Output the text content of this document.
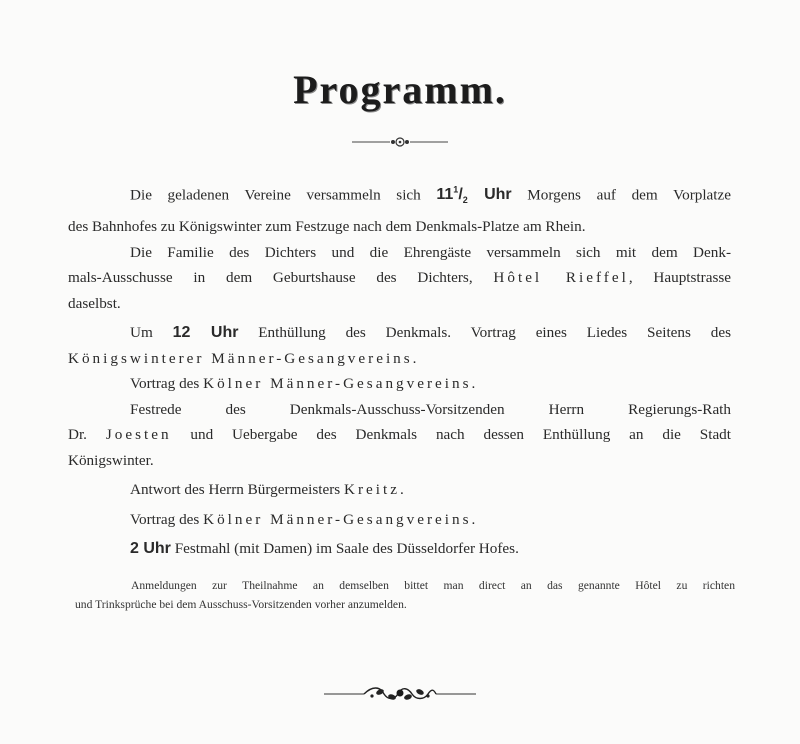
Programm.
Die geladenen Vereine versammeln sich $11^1/_2$ Uhr Morgens auf dem Vorplatze
des Bahnhofes zu Königswinter zum Festzuge nach dem Denkmals-Platze am Rhein.
Die Familie des Dichters und die Ehrengäste versammeln sich mit dem Denk-
mals-Ausschusse in dem Geburtshause des Dichters, Hôtel Rieffel, Hauptstrasse
daselbst.
Um 12 Uhr Enthüllung des Denkmals. Vortrag eines Liedes Seitens des
Königswinterer Männer-Gesangvereins.
Vortrag des Kölner Männer-Gesangvereins.
Festrede des Denkmals-Ausschuss-Vorsitzenden Herrn Regierungs-Rath
Dr. Joesten und Uebergabe des Denkmals nach dessen Enthüllung an die Stadt
Königswinter.
Antwort des Herrn Bürgermeisters Kreitz.
Vortrag des Kölner Männer-Gesangvereins.
2 Uhr Festmahl (mit Damen) im Saale des Düsseldorfer Hofes.
Anmeldungen zur Theilnahme an demselben bittet man direct an das genannte Hôtel zu richten
und Trinksprüche bei dem Ausschuss-Vorsitzenden vorher anzumelden.
